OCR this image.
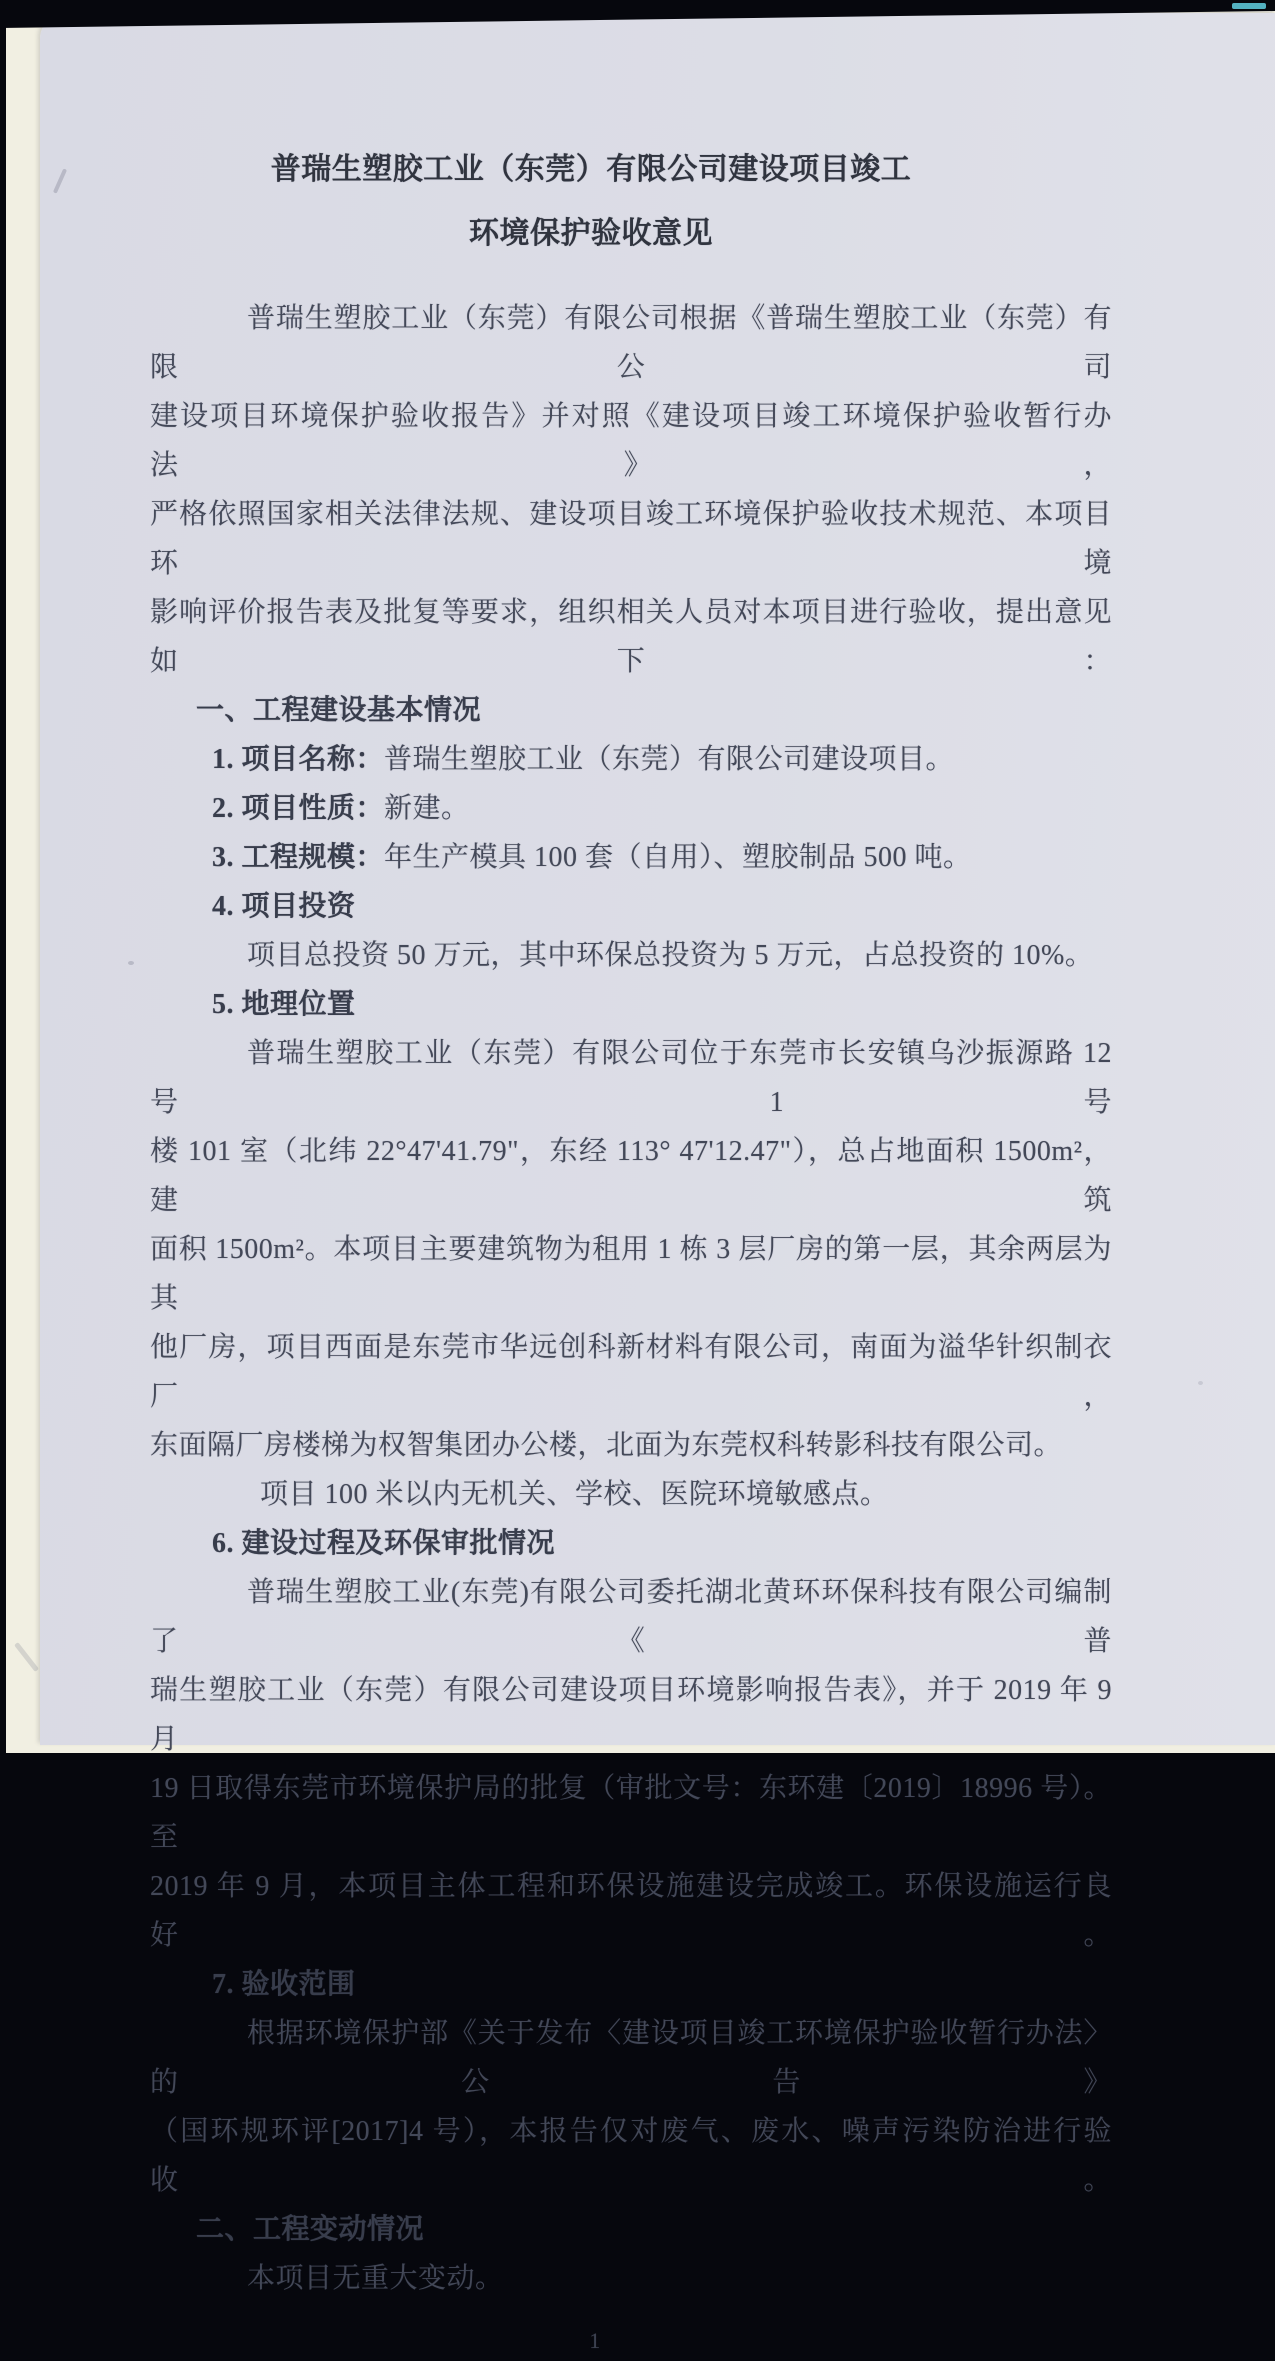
普瑞生塑胶工业（东莞）有限公司建设项目竣工
环境保护验收意见
普瑞生塑胶工业（东莞）有限公司根据《普瑞生塑胶工业（东莞）有限公司
建设项目环境保护验收报告》并对照《建设项目竣工环境保护验收暂行办法》，
严格依照国家相关法律法规、建设项目竣工环境保护验收技术规范、本项目环境
影响评价报告表及批复等要求，组织相关人员对本项目进行验收，提出意见如下：
一、工程建设基本情况
1. 项目名称：普瑞生塑胶工业（东莞）有限公司建设项目。
2. 项目性质：新建。
3. 工程规模：年生产模具 100 套（自用）、塑胶制品 500 吨。
4. 项目投资
项目总投资 50 万元，其中环保总投资为 5 万元，占总投资的 10%。
5. 地理位置
普瑞生塑胶工业（东莞）有限公司位于东莞市长安镇乌沙振源路 12 号 1 号
楼 101 室（北纬 22°47'41.79"，东经 113° 47'12.47"），总占地面积 1500m²，建筑
面积 1500m²。本项目主要建筑物为租用 1 栋 3 层厂房的第一层，其余两层为其
他厂房，项目西面是东莞市华远创科新材料有限公司，南面为溢华针织制衣厂，
东面隔厂房楼梯为权智集团办公楼，北面为东莞权科转影科技有限公司。
项目 100 米以内无机关、学校、医院环境敏感点。
6. 建设过程及环保审批情况
普瑞生塑胶工业(东莞)有限公司委托湖北黄环环保科技有限公司编制了《普
瑞生塑胶工业（东莞）有限公司建设项目环境影响报告表》，并于 2019 年 9 月
19 日取得东莞市环境保护局的批复（审批文号：东环建〔2019〕18996 号）。至
2019 年 9 月，本项目主体工程和环保设施建设完成竣工。环保设施运行良好。
7. 验收范围
根据环境保护部《关于发布〈建设项目竣工环境保护验收暂行办法〉的公告》
（国环规环评[2017]4 号），本报告仅对废气、废水、噪声污染防治进行验收。
二、工程变动情况
本项目无重大变动。
1
